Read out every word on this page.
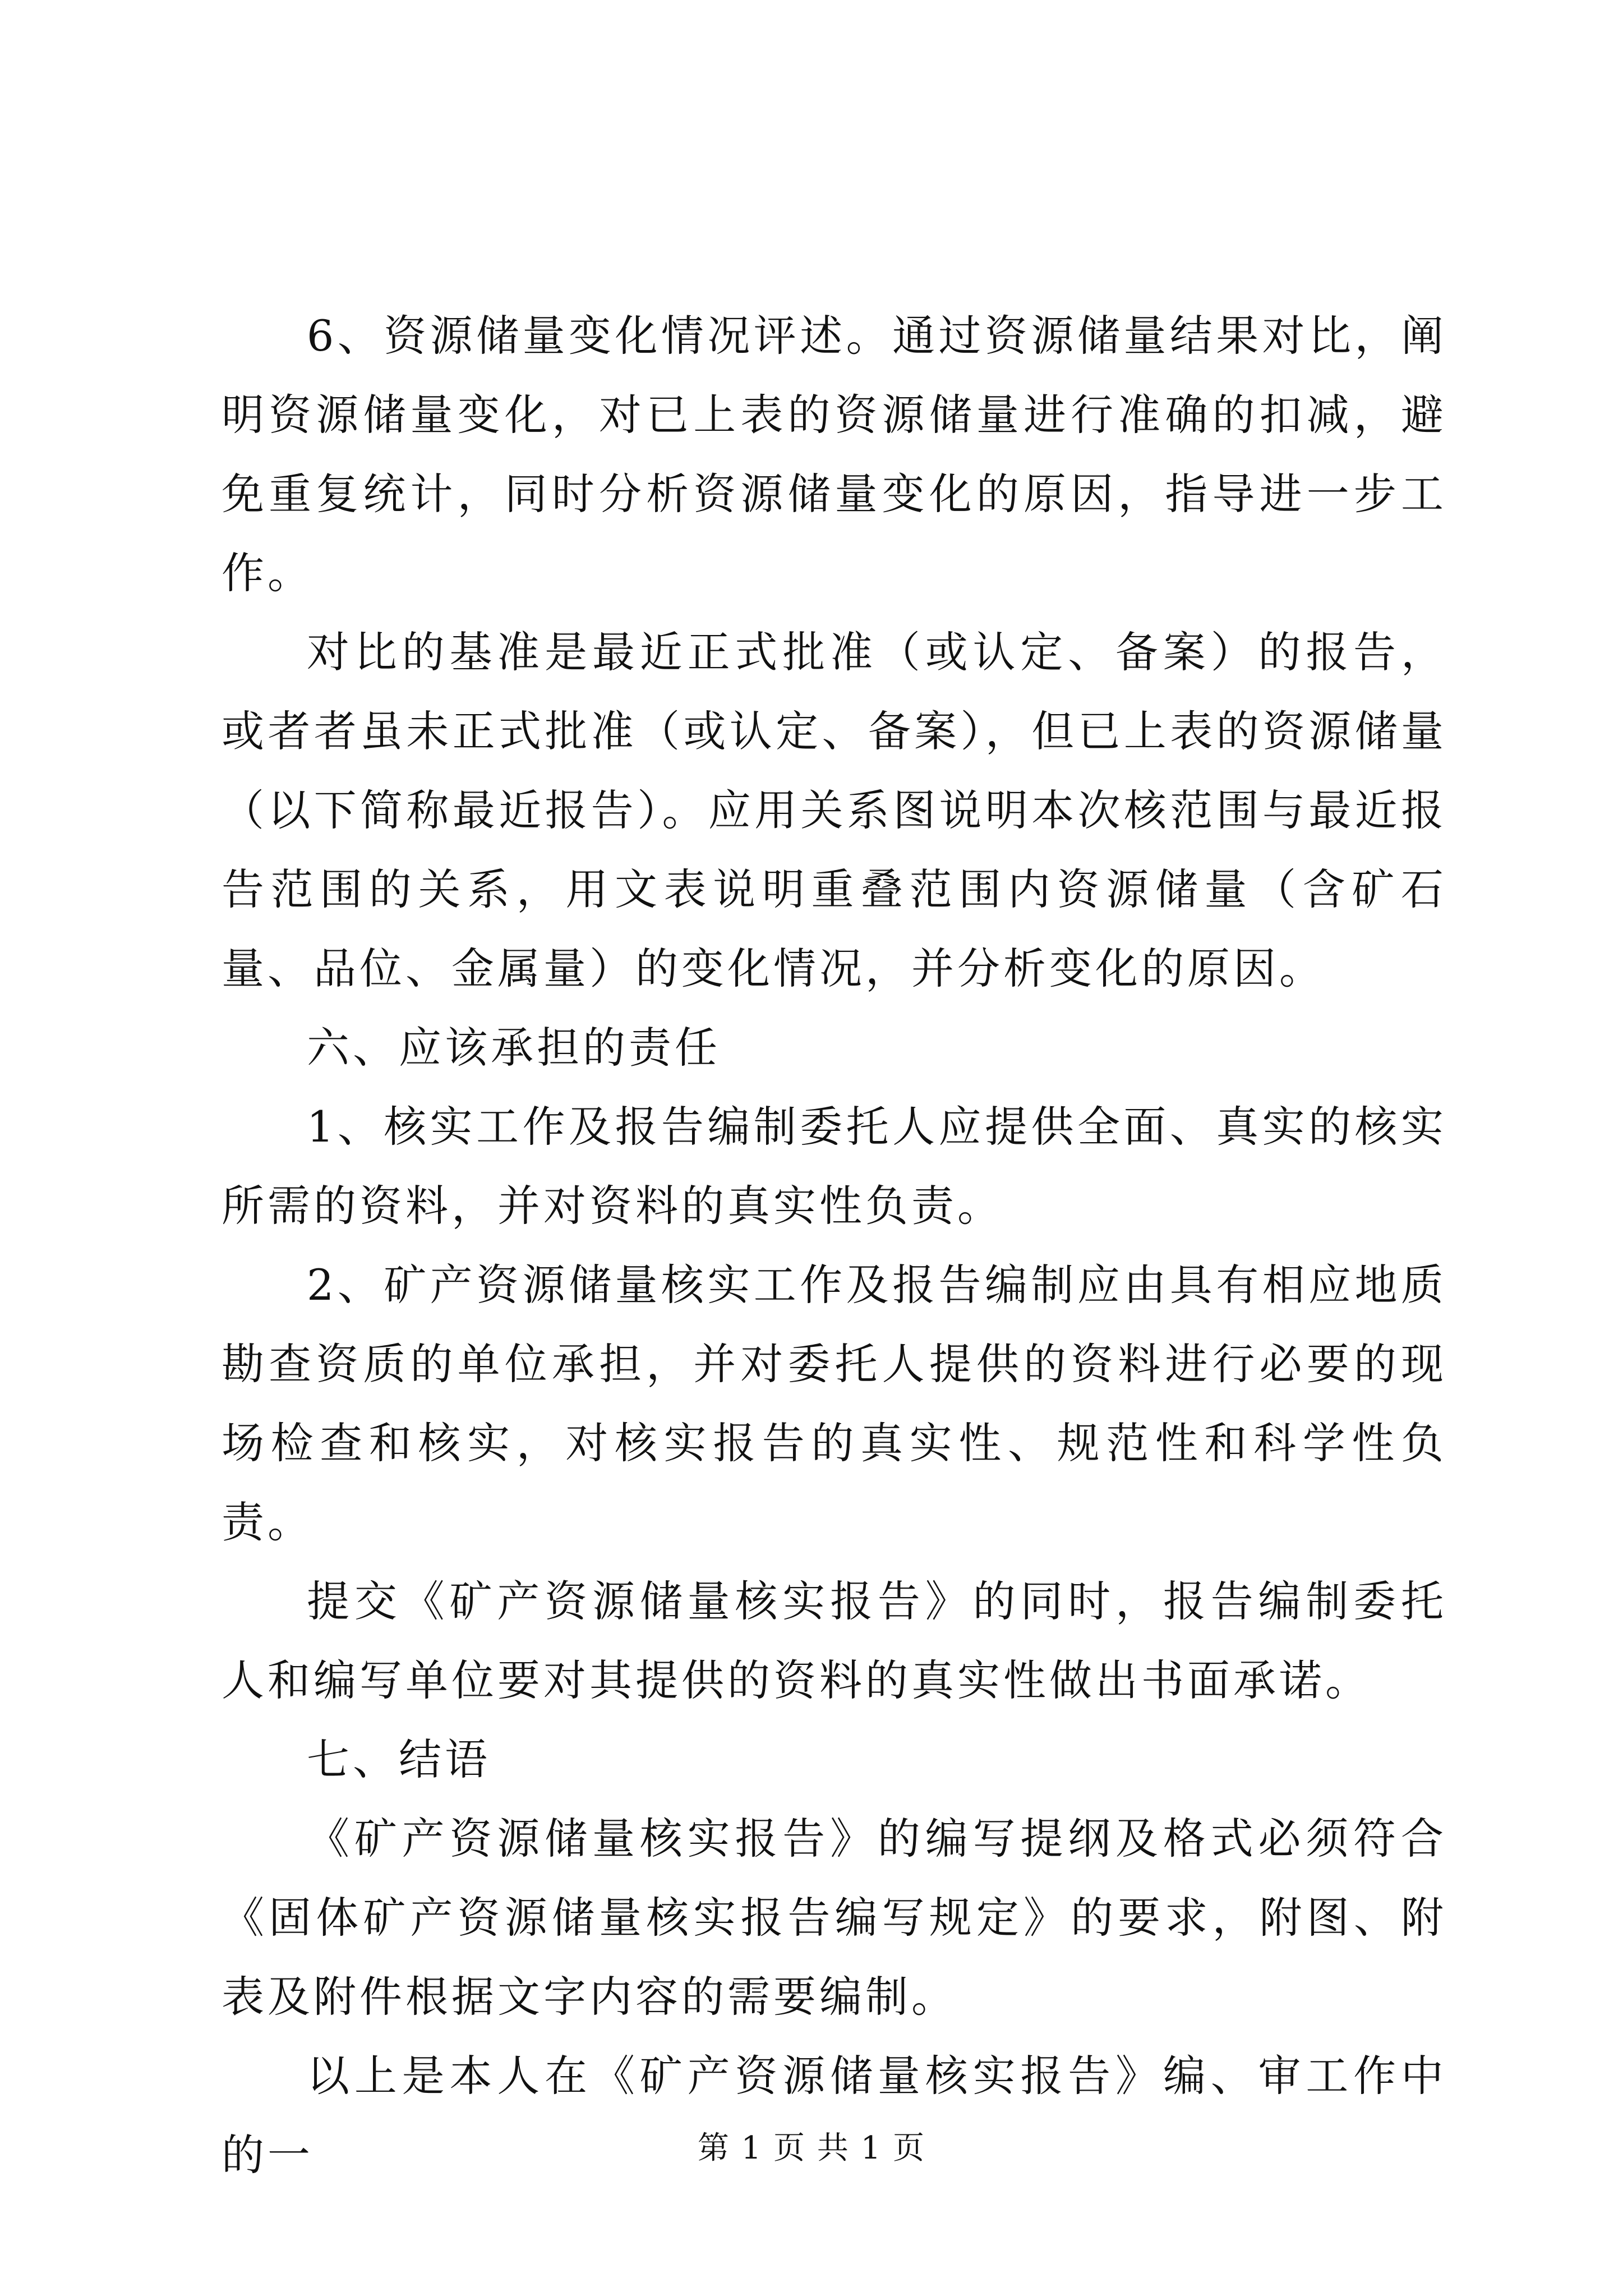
6、资源储量变化情况评述。通过资源储量结果对比，阐明资源储量变化，对已上表的资源储量进行准确的扣减，避免重复统计，同时分析资源储量变化的原因，指导进一步工作。

对比的基准是最近正式批准（或认定、备案）的报告，或者者虽未正式批准（或认定、备案），但已上表的资源储量（以下简称最近报告）。应用关系图说明本次核范围与最近报告范围的关系，用文表说明重叠范围内资源储量（含矿石量、品位、金属量）的变化情况，并分析变化的原因。

六、应该承担的责任

1、核实工作及报告编制委托人应提供全面、真实的核实所需的资料，并对资料的真实性负责。

2、矿产资源储量核实工作及报告编制应由具有相应地质勘查资质的单位承担，并对委托人提供的资料进行必要的现场检查和核实，对核实报告的真实性、规范性和科学性负责。

提交《矿产资源储量核实报告》的同时，报告编制委托人和编写单位要对其提供的资料的真实性做出书面承诺。

七、结语

《矿产资源储量核实报告》的编写提纲及格式必须符合《固体矿产资源储量核实报告编写规定》的要求，附图、附表及附件根据文字内容的需要编制。

以上是本人在《矿产资源储量核实报告》编、审工作中的一	第 1 页 共 1 页
